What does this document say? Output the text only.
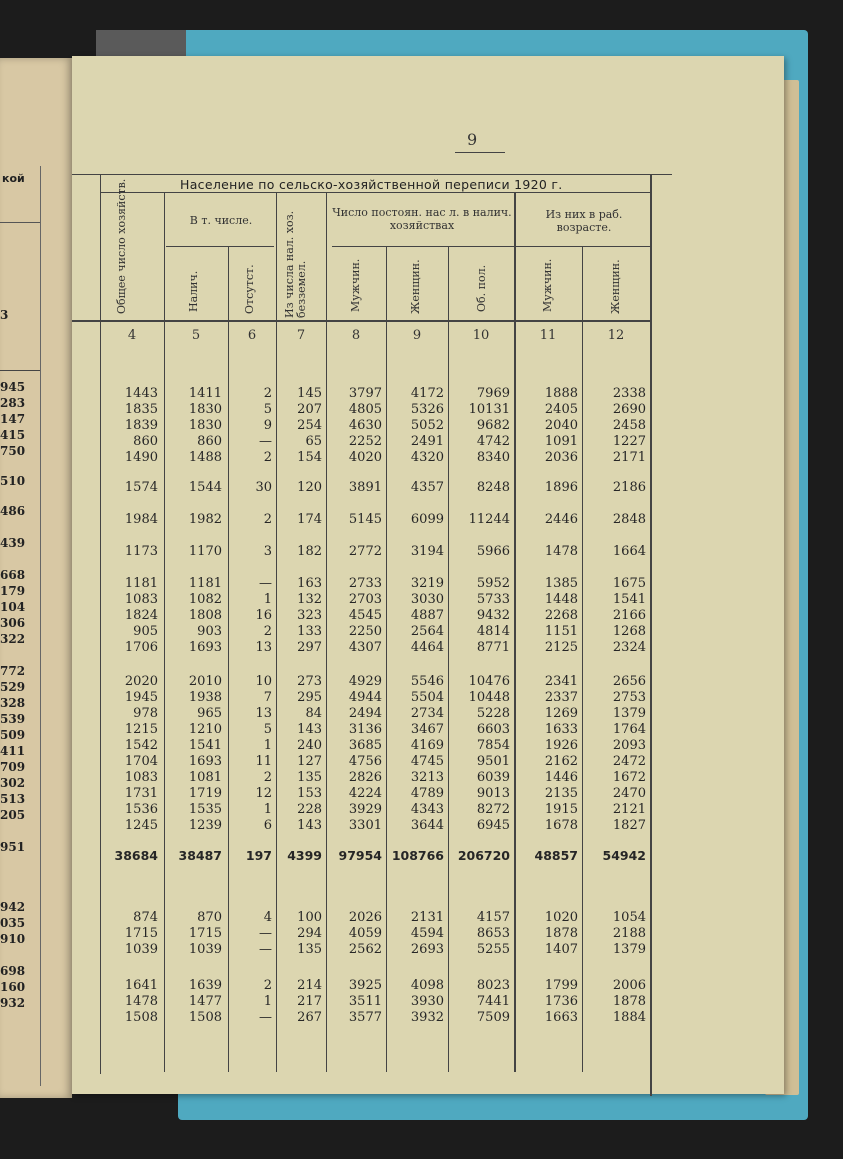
кой
3
945
283
147
415
750
510
486
439
668
179
104
306
322
772
529
328
539
509
411
709
302
513
205
951
942
035
910
698
160
932
9
Население по сельско-хозяйственной переписи 1920 г.
Общее число хозяйств.	В т. числе.
Налич.	Отсутст. Из числа нал. хоз. безземел.
Число постоян. нас л. в налич. хозяйствах
Мужчин.	Женщин.	Об. пол.
Из них в раб. возрасте.
Мужчин.	Женщин.
4	5	6	7	8	9	10	11	12
1443 1411	2 145 3797 4172	7969	1888	2338
1835 1830	5 207 4805 5326 10131	2405	2690
1839 1830	9 254 4630 5052	9682	2040	2458
860	860	—	65 2252 2491	4742	1091	1227
1490 1488	2 154 4020 4320	8340	2036	2171
1574 1544	30 120 3891 4357	8248	1896	2186
1984 1982	2 174 5145 6099 11244	2446	2848
1173 1170	3 182 2772 3194	5966	1478	1664
1181 1181	— 163 2733 3219	5952	1385	1675
1083 1082	1 132 2703 3030	5733	1448	1541
1824 1808	16 323 4545 4887	9432	2268	2166
905	903	2 133 2250 2564	4814	1151	1268
1706 1693	13 297 4307 4464	8771	2125	2324
2020 2010	10 273 4929 5546 10476	2341	2656
1945 1938	7 295 4944 5504 10448	2337	2753
978	965	13	84 2494 2734	5228	1269	1379
1215 1210	5 143 3136 3467	6603	1633	1764
1542 1541	1 240 3685 4169	7854	1926	2093
1704 1693	11 127 4756 4745	9501	2162	2472
1083 1081	2 135 2826 3213	6039	1446	1672
1731 1719	12 153 4224 4789	9013	2135	2470
1536 1535	1 228 3929 4343	8272	1915	2121
1245 1239	6 143 3301 3644	6945	1678	1827
38684 38487 197 4399 97954 108766 206720 48857 54942
874	870	4 100 2026 2131	4157	1020	1054
1715 1715	— 294 4059 4594	8653	1878	2188
1039 1039	— 135 2562 2693	5255	1407	1379
1641 1639	2 214 3925 4098	8023	1799	2006
1478 1477	1 217 3511 3930	7441	1736	1878
1508 1508	— 267 3577 3932	7509	1663	1884
